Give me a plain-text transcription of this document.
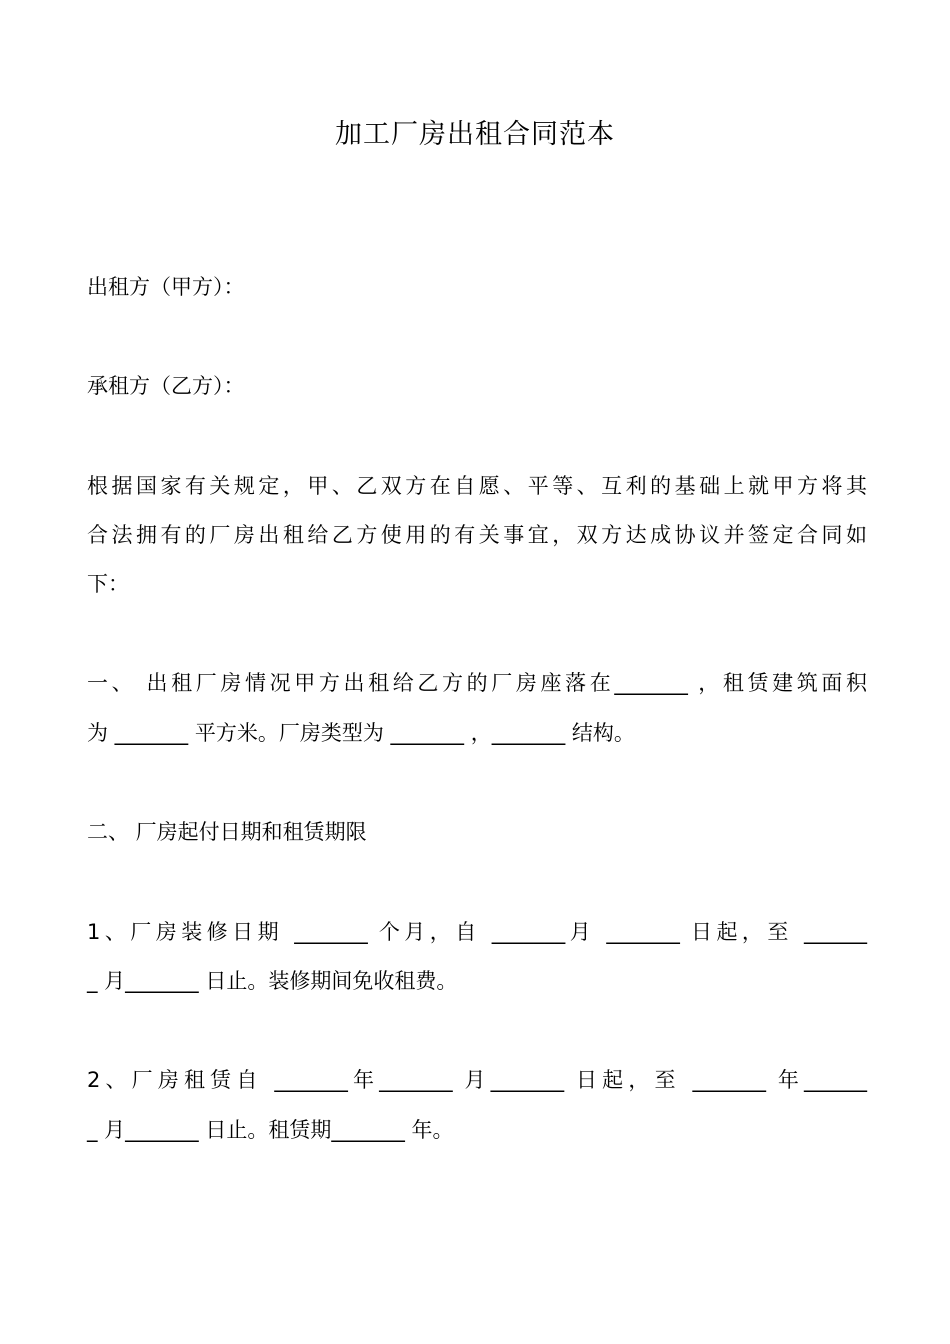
加工厂房出租合同范本
出租方（甲方）：
承租方（乙方）：
根据国家有关规定，甲、乙双方在自愿、平等、互利的基础上就甲方将其
合法拥有的厂房出租给乙方使用的有关事宜，双方达成协议并签定合同如
下：
一、 出租厂房情况甲方出租给乙方的厂房座落在_______ ，租赁建筑面积
为 _______ 平方米。厂房类型为 _______ ，_______ 结构。
二、 厂房起付日期和租赁期限
1、厂房装修日期 _______ 个月，自 _______月 _______ 日起，至 ______
_ 月_______ 日止。装修期间免收租费。
2、厂房租赁自 _______年_______ 月_______ 日起，至 _______ 年______
_ 月_______ 日止。租赁期_______ 年。
